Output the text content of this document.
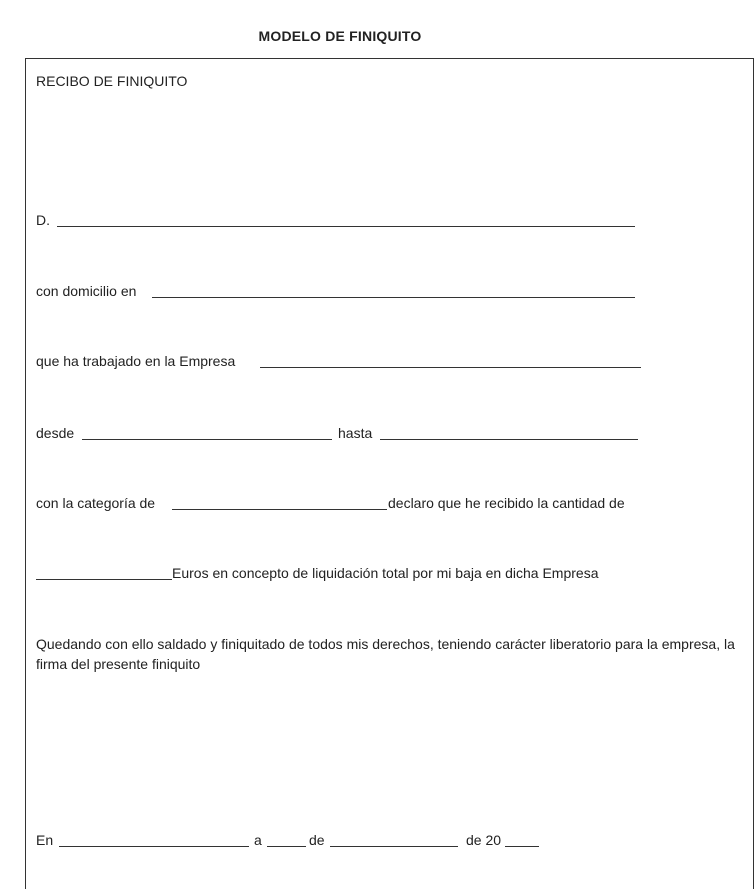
MODELO DE FINIQUITO
RECIBO DE FINIQUITO
D.
con domicilio en
que ha trabajado en la Empresa
desde	hasta
con la categoría de	declaro que he recibido la cantidad de
Euros en concepto de liquidación total por mi baja en dicha Empresa
Quedando con ello saldado y finiquitado de todos mis derechos, teniendo carácter liberatorio para la empresa, la firma del presente finiquito
En	a	de	de 20
